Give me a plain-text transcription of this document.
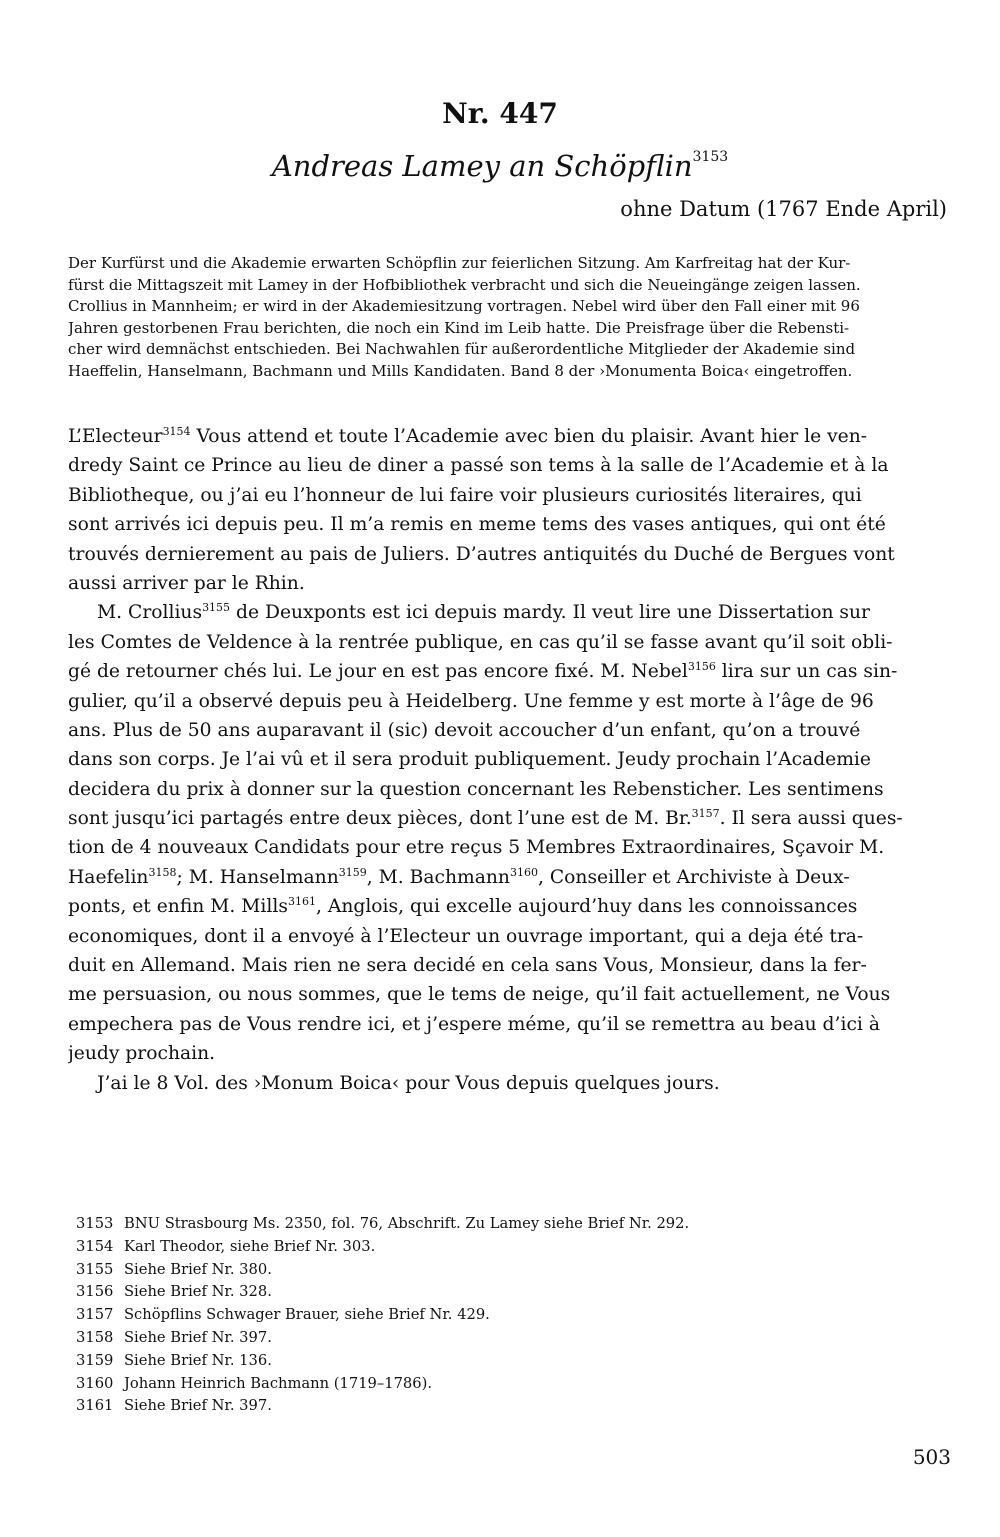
Nr. 447
Andreas Lamey an Schöpflin$^{3153}$
ohne Datum (1767 Ende April)
Der Kurfürst und die Akademie erwarten Schöpflin zur feierlichen Sitzung. Am Karfreitag hat der Kur-
fürst die Mittagszeit mit Lamey in der Hofbibliothek verbracht und sich die Neueingänge zeigen lassen.
Crollius in Mannheim; er wird in der Akademiesitzung vortragen. Nebel wird über den Fall einer mit 96
Jahren gestorbenen Frau berichten, die noch ein Kind im Leib hatte. Die Preisfrage über die Rebensti-
cher wird demnächst entschieden. Bei Nachwahlen für außerordentliche Mitglieder der Akademie sind
Haeffelin, Hanselmann, Bachmann und Mills Kandidaten. Band 8 der ›Monumenta Boica‹ eingetroffen.
L’Electeur$^{3154}$ Vous attend et toute l’Academie avec bien du plaisir. Avant hier le ven-
dredy Saint ce Prince au lieu de diner a passé son tems à la salle de l’Academie et à la
Bibliotheque, ou j’ai eu l’honneur de lui faire voir plusieurs curiosités literaires, qui
sont arrivés ici depuis peu. Il m’a remis en meme tems des vases antiques, qui ont été
trouvés dernierement au pais de Juliers. D’autres antiquités du Duché de Bergues vont
aussi arriver par le Rhin.
M. Crollius$^{3155}$ de Deuxponts est ici depuis mardy. Il veut lire une Dissertation sur
les Comtes de Veldence à la rentrée publique, en cas qu’il se fasse avant qu’il soit obli-
gé de retourner chés lui. Le jour en est pas encore fixé. M. Nebel$^{3156}$ lira sur un cas sin-
gulier, qu’il a observé depuis peu à Heidelberg. Une femme y est morte à l’âge de 96
ans. Plus de 50 ans auparavant il (sic) devoit accoucher d’un enfant, qu’on a trouvé
dans son corps. Je l’ai vû et il sera produit publiquement. Jeudy prochain l’Academie
decidera du prix à donner sur la question concernant les Rebensticher. Les sentimens
sont jusqu’ici partagés entre deux pièces, dont l’une est de M. Br.$^{3157}$. Il sera aussi ques-
tion de 4 nouveaux Candidats pour etre reçus 5 Membres Extraordinaires, Sçavoir M.
Haefelin$^{3158}$; M. Hanselmann$^{3159}$, M. Bachmann$^{3160}$, Conseiller et Archiviste à Deux-
ponts, et enfin M. Mills$^{3161}$, Anglois, qui excelle aujourd’huy dans les connoissances
economiques, dont il a envoyé à l’Electeur un ouvrage important, qui a deja été tra-
duit en Allemand. Mais rien ne sera decidé en cela sans Vous, Monsieur, dans la fer-
me persuasion, ou nous sommes, que le tems de neige, qu’il fait actuellement, ne Vous
empechera pas de Vous rendre ici, et j’espere méme, qu’il se remettra au beau d’ici à
jeudy prochain.
J’ai le 8 Vol. des ›Monum Boica‹ pour Vous depuis quelques jours.
3153 BNU Strasbourg Ms. 2350, fol. 76, Abschrift. Zu Lamey siehe Brief Nr. 292.
3154 Karl Theodor, siehe Brief Nr. 303.
3155 Siehe Brief Nr. 380.
3156 Siehe Brief Nr. 328.
3157 Schöpflins Schwager Brauer, siehe Brief Nr. 429.
3158 Siehe Brief Nr. 397.
3159 Siehe Brief Nr. 136.
3160 Johann Heinrich Bachmann (1719–1786).
3161 Siehe Brief Nr. 397.
503
